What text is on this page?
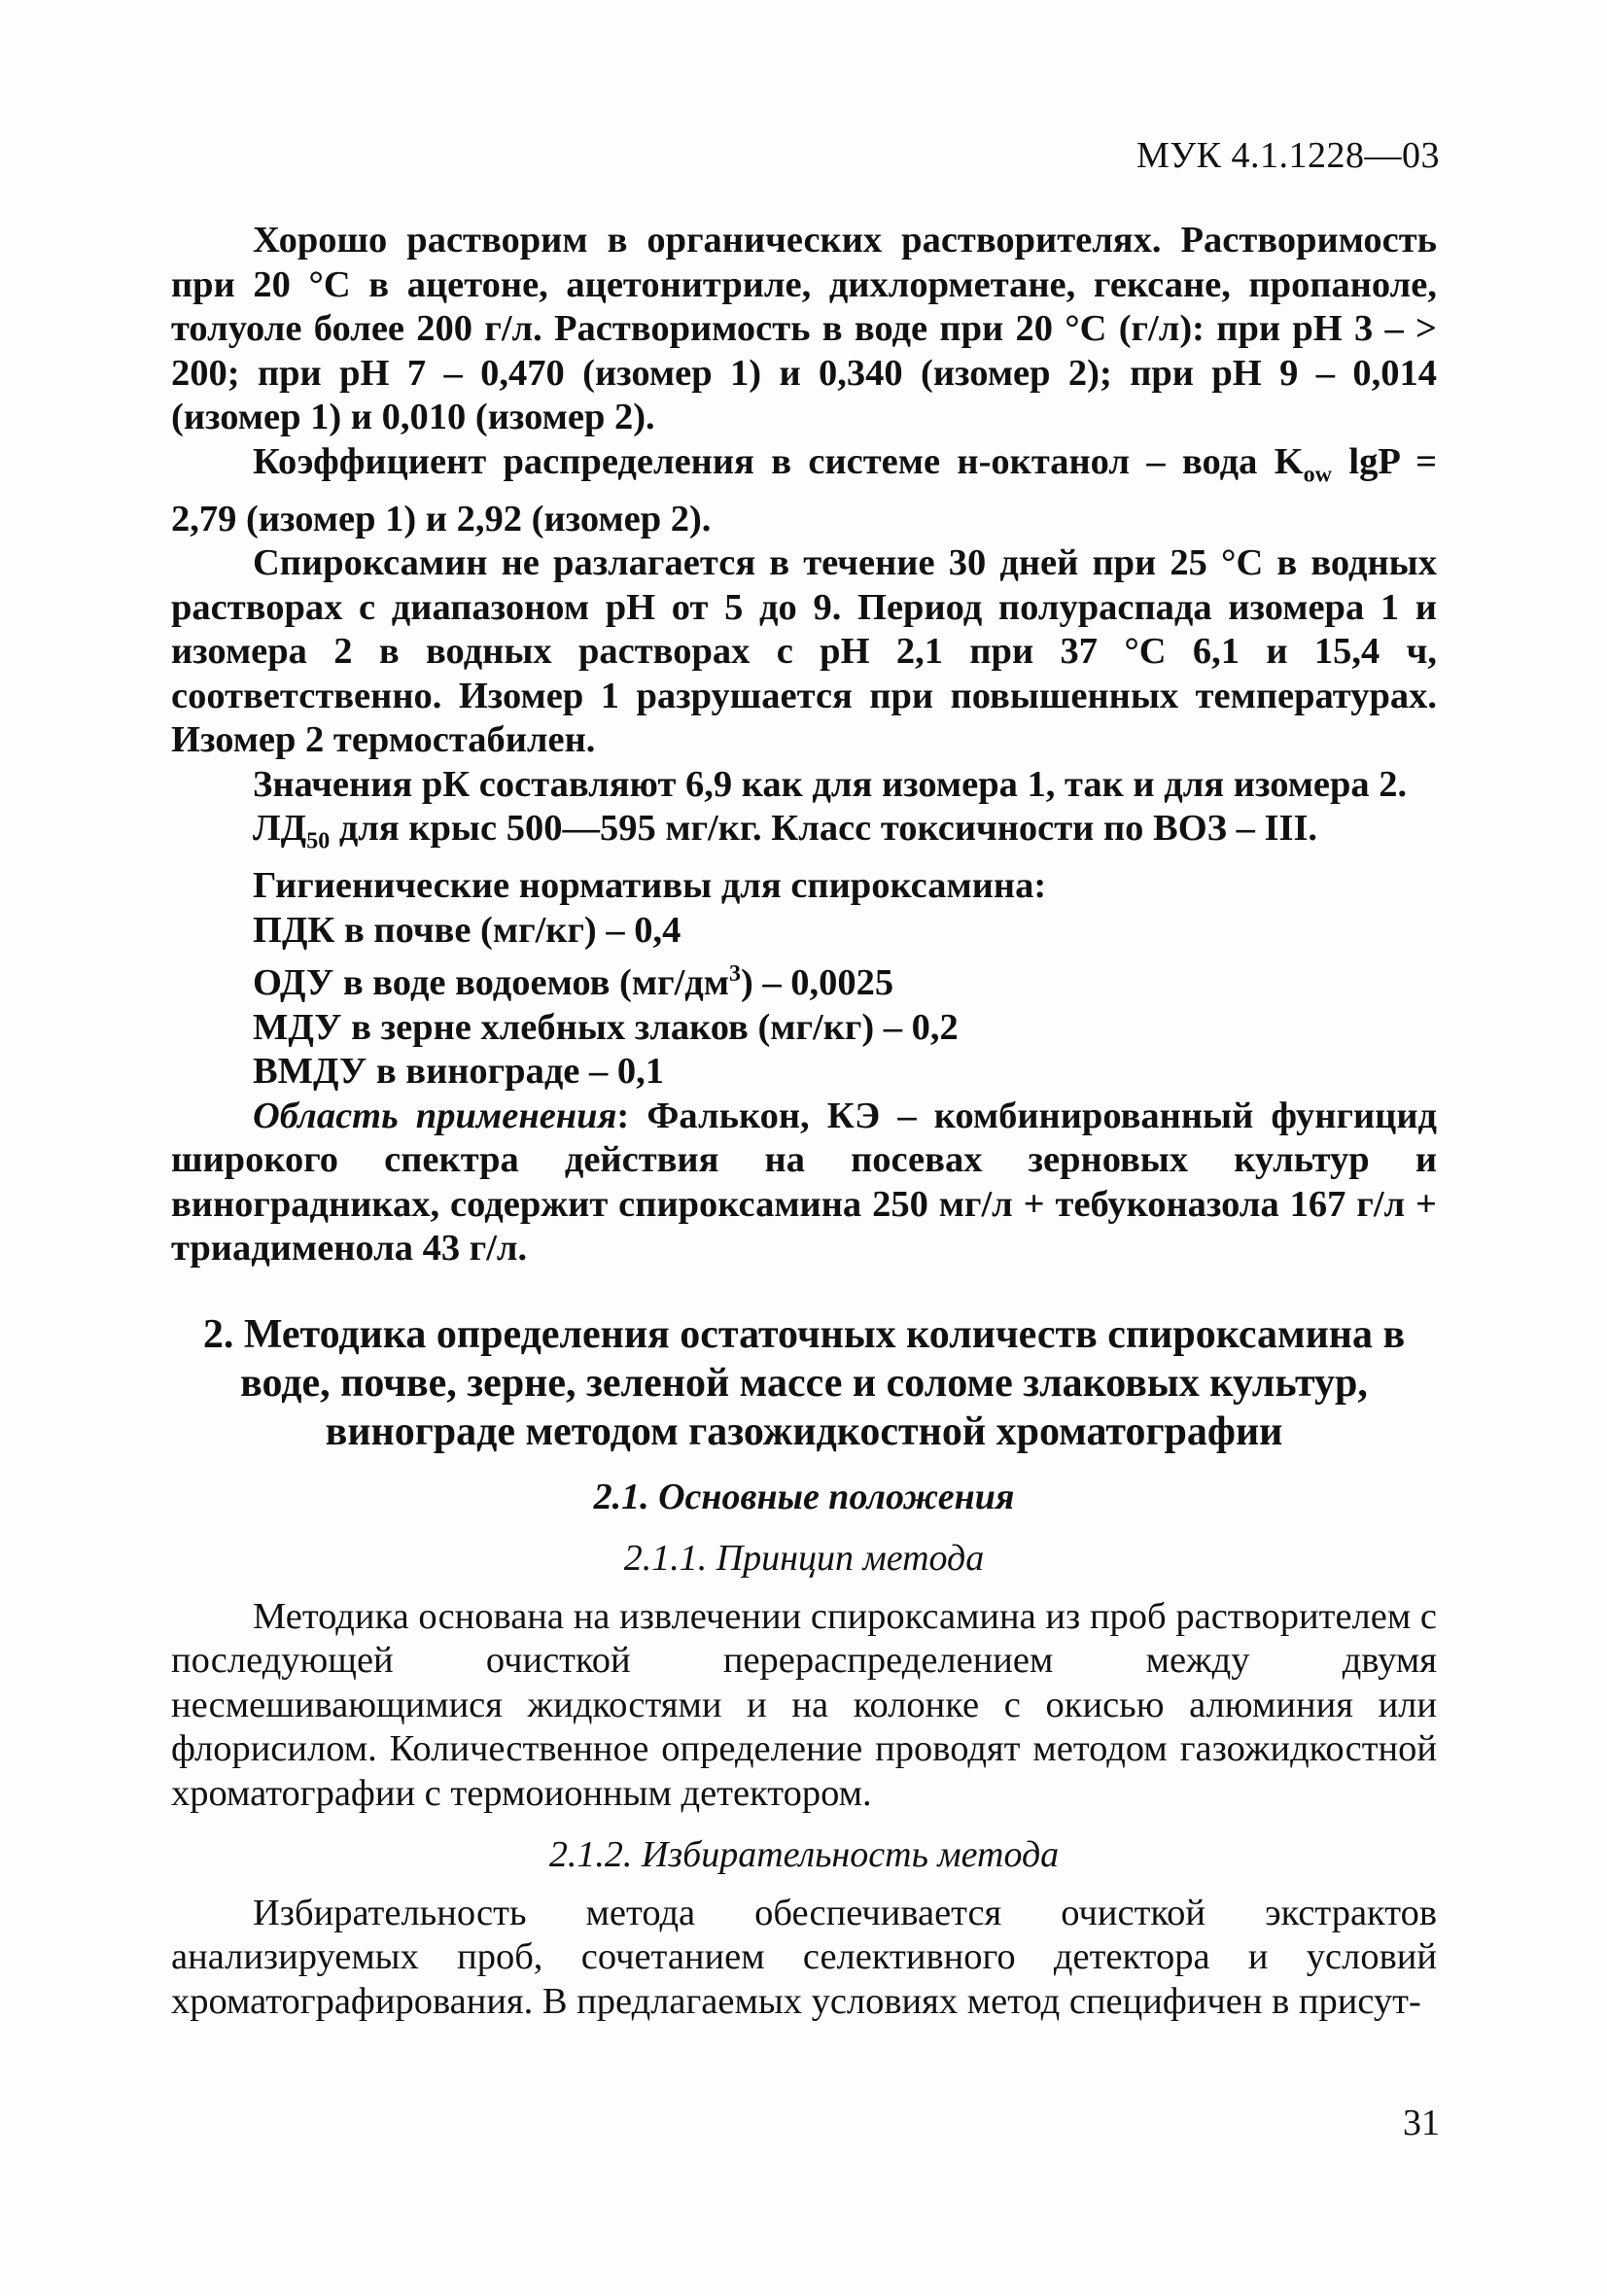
МУК 4.1.1228—03

Хорошо растворим в органических растворителях. Растворимость при 20 °С в ацетоне, ацетонитриле, дихлорметане, гексане, пропаноле, толуоле более 200 г/л. Растворимость в воде при 20 °С (г/л): при рН 3 – > 200; при рН 7 – 0,470 (изомер 1) и 0,340 (изомер 2); при рН 9 – 0,014 (изомер 1) и 0,010 (изомер 2).

Коэффициент распределения в системе н-октанол – вода $K_{ow}$ lgP = 2,79 (изомер 1) и 2,92 (изомер 2).

Спироксамин не разлагается в течение 30 дней при 25 °С в водных растворах с диапазоном рН от 5 до 9. Период полураспада изомера 1 и изомера 2 в водных растворах с рН 2,1 при 37 °С 6,1 и 15,4 ч, соответственно. Изомер 1 разрушается при повышенных температурах. Изомер 2 термостабилен.

Значения рК составляют 6,9 как для изомера 1, так и для изомера 2.
$ЛД_{50}$ для крыс 500—595 мг/кг. Класс токсичности по ВОЗ – III.
Гигиенические нормативы для спироксамина:
ПДК в почве (мг/кг) – 0,4
ОДУ в воде водоемов $(мг/дм^3) - 0,0025$
МДУ в зерне хлебных злаков (мг/кг) – 0,2
ВМДУ в винограде – 0,1

Область применения: Фалькон, КЭ – комбинированный фунгицид широкого спектра действия на посевах зерновых культур и виноградниках, содержит спироксамина 250 мг/л + тебуконазола 167 г/л + триадименола 43 г/л.

2. Методика определения остаточных количеств спироксамина в воде, почве, зерне, зеленой массе и соломе злаковых культур, винограде методом газожидкостной хроматографии
2.1. Основные положения
2.1.1. Принцип метода

Методика основана на извлечении спироксамина из проб растворителем с последующей очисткой перераспределением между двумя несмешивающимися жидкостями и на колонке с окисью алюминия или флорисилом. Количественное определение проводят методом газожидкостной хроматографии с термоионным детектором.

2.1.2. Избирательность метода

Избирательность метода обеспечивается очисткой экстрактов анализируемых проб, сочетанием селективного детектора и условий хроматографирования. В предлагаемых условиях метод специфичен в присут-

31
